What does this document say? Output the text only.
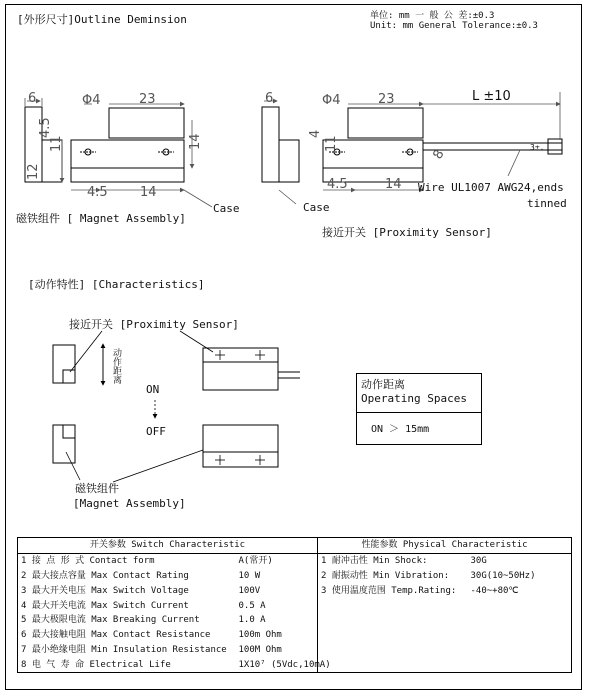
[外形尺寸]Outline Deminsion	单位: mm 一 般 公 差:±0.3
Unit: mm General Tolerance:±0.3
6	Φ4	23
11
4.5
12
4.5 14
14
6	Φ4	23
11
4
4.5	14
8
Case
磁铁组件 [ Magnet Assembly]
Case
接近开关 [Proximity Sensor]
L ±10
3±.
Wire UL1007 AWG24,ends
tinned
[动作特性] [Characteristics]
接近开关 [Proximity Sensor]
动作距离
ON
OFF
磁铁组件
[Magnet Assembly]
动作距离
Operating Spaces
ON ＞ 15mm
开关参数 Switch Characteristic		性能参数 Physical Characteristic	
1 接 点 形 式 Contact form	A(常开)	1 耐冲击性 Min Shock:	30G
2 最大接点容量 Max Contact Rating	10 W	2 耐振动性 Min Vibration:	30G(10~50Hz)
3 最大开关电压 Max Switch Voltage	100V	3 使用温度范围 Temp.Rating:	-40~+80℃
4 最大开关电流 Max Switch Current	0.5 A		
5 最大极限电流 Max Breaking Current	1.0 A		
6 最大接触电阻 Max Contact Resistance	100m Ohm		
7 最小绝缘电阻 Min Insulation Resistance	100M Ohm		
8 电 气 寿 命 Electrical Life	1X10⁷ (5Vdc,10mA)		
